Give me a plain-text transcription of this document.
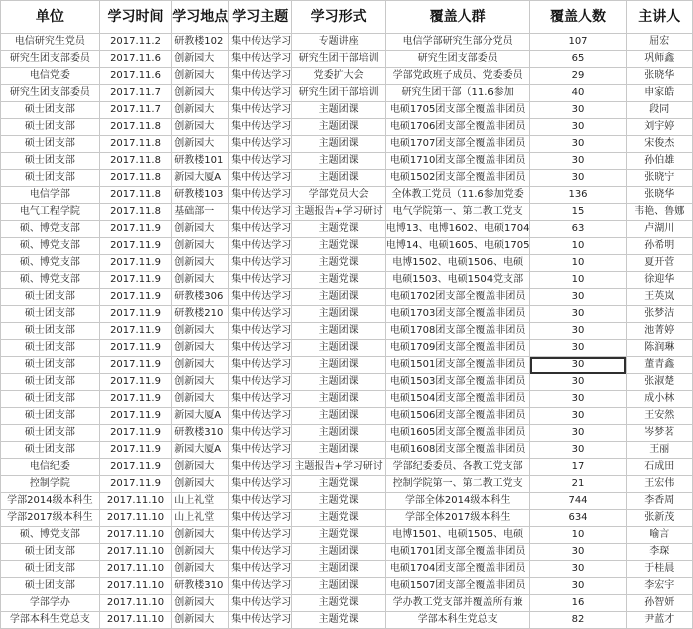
单位	学习时间	学习地点	学习主题	学习形式	覆盖人群	覆盖人数	主讲人
电信研究生党员	2017.11.2	研教楼102	集中传达学习	专题讲座	电信学部研究生部分党员	107	屈宏
研究生团支部委员	2017.11.6	创新园大	集中传达学习	研究生团干部培训	研究生团支部委员	65	巩师鑫
电信党委	2017.11.6	创新园大	集中传达学习	党委扩大会	学部党政班子成员、党委委员	29	张晓华
研究生团支部委员	2017.11.7	创新园大	集中传达学习	研究生团干部培训	研究生团干部（11.6参加	40	申家皓
硕士团支部	2017.11.7	创新园大	集中传达学习	主题团课	电硕1705团支部全覆盖非团员	30	段同
硕士团支部	2017.11.8	创新园大	集中传达学习	主题团课	电硕1706团支部全覆盖非团员	30	刘宇婷
硕士团支部	2017.11.8	创新园大	集中传达学习	主题团课	电硕1707团支部全覆盖非团员	30	宋俊杰
硕士团支部	2017.11.8	研教楼101	集中传达学习	主题团课	电硕1710团支部全覆盖非团员	30	孙伯雄
硕士团支部	2017.11.8	新园大厦A	集中传达学习	主题团课	电硕1502团支部全覆盖非团员	30	张晓宁
电信学部	2017.11.8	研教楼103	集中传达学习	学部党员大会	全体教工党员（11.6参加党委	136	张晓华
电气工程学院	2017.11.8	基础部一	集中传达学习	主题报告+学习研讨	电气学院第一、第二教工党支	15	韦艳、鲁娜
硕、博党支部	2017.11.9	创新园大	集中传达学习	主题党课	电博13、电博1602、电硕1704	63	卢湖川
硕、博党支部	2017.11.9	创新园大	集中传达学习	主题党课	电博14、电硕1605、电硕1705	10	孙希明
硕、博党支部	2017.11.9	创新园大	集中传达学习	主题党课	电博1502、电硕1506、电硕	10	夏开菅
硕、博党支部	2017.11.9	创新园大	集中传达学习	主题党课	电硕1503、电硕1504党支部	10	徐迎华
硕士团支部	2017.11.9	研教楼306	集中传达学习	主题团课	电硕1702团支部全覆盖非团员	30	王英岚
硕士团支部	2017.11.9	研教楼210	集中传达学习	主题团课	电硕1703团支部全覆盖非团员	30	张梦洁
硕士团支部	2017.11.9	创新园大	集中传达学习	主题团课	电硕1708团支部全覆盖非团员	30	池菁婷
硕士团支部	2017.11.9	创新园大	集中传达学习	主题团课	电硕1709团支部全覆盖非团员	30	陈润琳
硕士团支部	2017.11.9	创新园大	集中传达学习	主题团课	电硕1501团支部全覆盖非团员	30	董青鑫
硕士团支部	2017.11.9	创新园大	集中传达学习	主题团课	电硕1503团支部全覆盖非团员	30	张淑楚
硕士团支部	2017.11.9	创新园大	集中传达学习	主题团课	电硕1504团支部全覆盖非团员	30	成小林
硕士团支部	2017.11.9	新园大厦A	集中传达学习	主题团课	电硕1506团支部全覆盖非团员	30	王安然
硕士团支部	2017.11.9	研教楼310	集中传达学习	主题团课	电硕1605团支部全覆盖非团员	30	岑梦茗
硕士团支部	2017.11.9	新园大厦A	集中传达学习	主题团课	电硕1608团支部全覆盖非团员	30	王丽
电信纪委	2017.11.9	创新园大	集中传达学习	主题报告+学习研讨	学部纪委委员、各教工党支部	17	石成田
控制学院	2017.11.9	创新园大	集中传达学习	主题党课	控制学院第一、第二教工党支	21	王宏伟
学部2014级本科生	2017.11.10	山上礼堂	集中传达学习	主题党课	学部全体2014级本科生	744	李香周
学部2017级本科生	2017.11.10	山上礼堂	集中传达学习	主题党课	学部全体2017级本科生	634	张新茂
硕、博党支部	2017.11.10	创新园大	集中传达学习	主题党课	电博1501、电硕1505、电硕	10	喻言
硕士团支部	2017.11.10	创新园大	集中传达学习	主题团课	电硕1701团支部全覆盖非团员	30	李琛
硕士团支部	2017.11.10	创新园大	集中传达学习	主题团课	电硕1704团支部全覆盖非团员	30	于桂晨
硕士团支部	2017.11.10	研教楼310	集中传达学习	主题团课	电硕1507团支部全覆盖非团员	30	李宏宇
学部学办	2017.11.10	创新园大	集中传达学习	主题党课	学办教工党支部并覆盖所有兼	16	孙智妍
学部本科生党总支	2017.11.10	创新园大	集中传达学习	主题党课	学部本科生党总支	82	尹蓝才
